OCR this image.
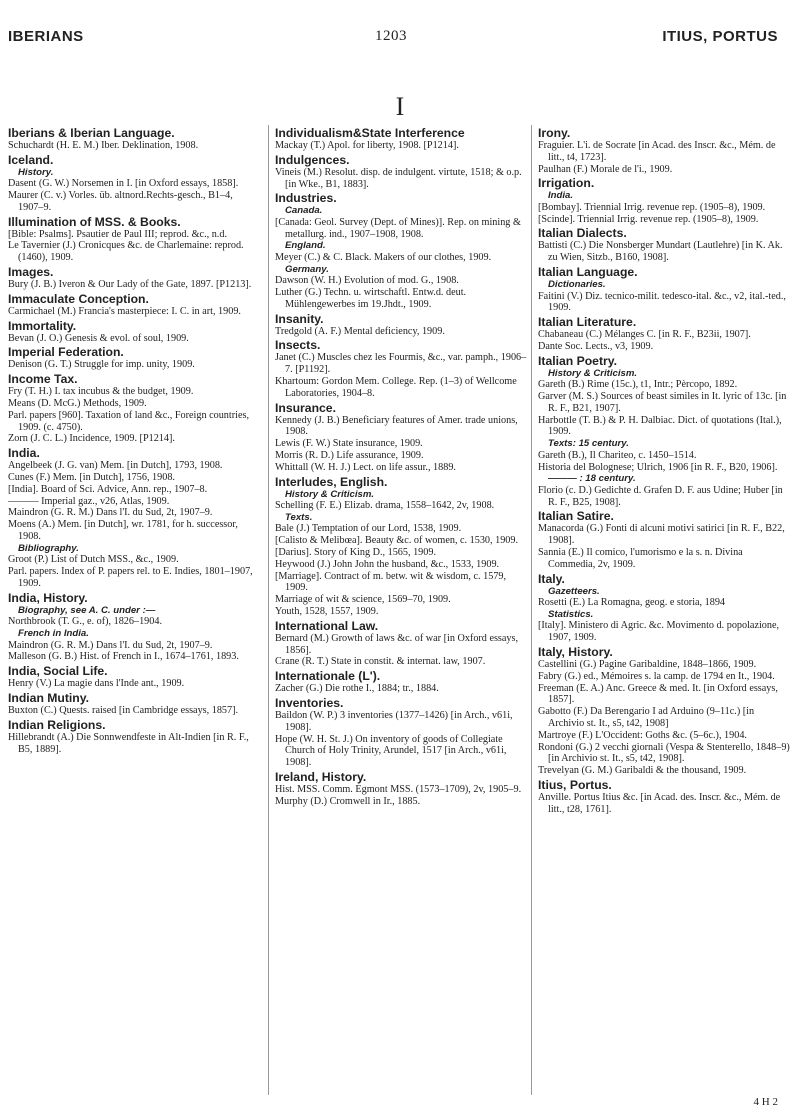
IBERIANS	1203	ITIUS, PORTUS
I

Iberians & Iberian Language.

Schuchardt (H. E. M.) Iber. Deklination, 1908.

Iceland.

History.

Dasent (G. W.) Norsemen in I. [in Oxford essays, 1858].

Maurer (C. v.) Vorles. üb. altnord.Rechts-gesch., B1–4, 1907–9.

Illumination of MSS. & Books.

[Bible: Psalms]. Psautier de Paul III; reprod. &c., n.d.

Le Tavernier (J.) Cronicques &c. de Charlemaine: reprod. (1460), 1909.

Images.

Bury (J. B.) Iveron & Our Lady of the Gate, 1897. [P1213].

Immaculate Conception.

Carmichael (M.) Francia's masterpiece: I. C. in art, 1909.

Immortality.

Bevan (J. O.) Genesis & evol. of soul, 1909.

Imperial Federation.

Denison (G. T.) Struggle for imp. unity, 1909.

Income Tax.

Fry (T. H.) I. tax incubus & the budget, 1909.

Means (D. McG.) Methods, 1909.

Parl. papers [960]. Taxation of land &c., Foreign countries, 1909. (c. 4750).

Zorn (J. C. L.) Incidence, 1909. [P1214].

India.

Angelbeek (J. G. van) Mem. [in Dutch], 1793, 1908.

Cunes (F.) Mem. [in Dutch], 1756, 1908.

[India]. Board of Sci. Advice, Ann. rep., 1907–8.

——— Imperial gaz., v26, Atlas, 1909.

Maindron (G. R. M.) Dans l'I. du Sud, 2t, 1907–9.

Moens (A.) Mem. [in Dutch], wr. 1781, for h. successor, 1908.

Bibliography.

Groot (P.) List of Dutch MSS., &c., 1909.

Parl. papers. Index of P. papers rel. to E. Indies, 1801–1907, 1909.

India, History.

Biography, see A. C. under :—

Northbrook (T. G., e. of), 1826–1904.

French in India.

Maindron (G. R. M.) Dans l'I. du Sud, 2t, 1907–9.

Malleson (G. B.) Hist. of French in I., 1674–1761, 1893.

India, Social Life.

Henry (V.) La magie dans l'Inde ant., 1909.

Indian Mutiny.

Buxton (C.) Quests. raised [in Cambridge essays, 1857].

Indian Religions.

Hillebrandt (A.) Die Sonnwendfeste in Alt-Indien [in R. F., B5, 1889].

Individualism&State Interference

Mackay (T.) Apol. for liberty, 1908. [P1214].

Indulgences.

Vineis (M.) Resolut. disp. de indulgent. virtute, 1518; & o.p. [in Wke., B1, 1883].

Industries.

Canada.

[Canada: Geol. Survey (Dept. of Mines)]. Rep. on mining & metallurg. ind., 1907–1908, 1908.

England.

Meyer (C.) & C. Black. Makers of our clothes, 1909.

Germany.

Dawson (W. H.) Evolution of mod. G., 1908.

Luther (G.) Techn. u. wirtschaftl. Entw.d. deut. Mühlengewerbes im 19.Jhdt., 1909.

Insanity.

Tredgold (A. F.) Mental deficiency, 1909.

Insects.

Janet (C.) Muscles chez les Fourmis, &c., var. pamph., 1906–7. [P1192].

Khartoum: Gordon Mem. College. Rep. (1–3) of Wellcome Laboratories, 1904–8.

Insurance.

Kennedy (J. B.) Beneficiary features of Amer. trade unions, 1908.

Lewis (F. W.) State insurance, 1909.

Morris (R. D.) Life assurance, 1909.

Whittall (W. H. J.) Lect. on life assur., 1889.

Interludes, English.

History & Criticism.

Schelling (F. E.) Elizab. drama, 1558–1642, 2v, 1908.

Texts.

Bale (J.) Temptation of our Lord, 1538, 1909.

[Calisto & Melibœa]. Beauty &c. of women, c. 1530, 1909.

[Darius]. Story of King D., 1565, 1909.

Heywood (J.) John John the husband, &c., 1533, 1909.

[Marriage]. Contract of m. betw. wit & wisdom, c. 1579, 1909.

Marriage of wit & science, 1569–70, 1909.

Youth, 1528, 1557, 1909.

International Law.

Bernard (M.) Growth of laws &c. of war [in Oxford essays, 1856].

Crane (R. T.) State in constit. & internat. law, 1907.

Internationale (L').

Zacher (G.) Die rothe I., 1884; tr., 1884.

Inventories.

Baildon (W. P.) 3 inventories (1377–1426) [in Arch., v61i, 1908].

Hope (W. H. St. J.) On inventory of goods of Collegiate Church of Holy Trinity, Arundel, 1517 [in Arch., v61i, 1908].

Ireland, History.

Hist. MSS. Comm. Egmont MSS. (1573–1709), 2v, 1905–9.

Murphy (D.) Cromwell in Ir., 1885.

Irony.

Fraguier. L'i. de Socrate [in Acad. des Inscr. &c., Mém. de litt., t4, 1723].

Paulhan (F.) Morale de l'i., 1909.

Irrigation.

India.

[Bombay]. Triennial Irrig. revenue rep. (1905–8), 1909.

[Scinde]. Triennial Irrig. revenue rep. (1905–8), 1909.

Italian Dialects.

Battisti (C.) Die Nonsberger Mundart (Lautlehre) [in K. Ak. zu Wien, Sitzb., B160, 1908].

Italian Language.

Dictionaries.

Faitini (V.) Diz. tecnico-milit. tedesco-ital. &c., v2, ital.-ted., 1909.

Italian Literature.

Chabaneau (C.) Mélanges C. [in R. F., B23ii, 1907].

Dante Soc. Lects., v3, 1909.

Italian Poetry.

History & Criticism.

Gareth (B.) Rime (15c.), t1, Intr.; Pèrcopo, 1892.

Garver (M. S.) Sources of beast similes in It. lyric of 13c. [in R. F., B21, 1907].

Harbottle (T. B.) & P. H. Dalbiac. Dict. of quotations (Ital.), 1909.

Texts: 15 century.

Gareth (B.), Il Chariteo, c. 1450–1514.

Historia del Bolognese; Ulrich, 1906 [in R. F., B20, 1906].

——— : 18 century.

Florio (c. D.) Gedichte d. Grafen D. F. aus Udine; Huber [in R. F., B25, 1908].

Italian Satire.

Manacorda (G.) Fonti di alcuni motivi satirici [in R. F., B22, 1908].

Sannia (E.) Il comico, l'umorismo e la s. n. Divina Commedia, 2v, 1909.

Italy.

Gazetteers.

Rosetti (E.) La Romagna, geog. e storia, 1894

Statistics.

[Italy]. Ministero di Agric. &c. Movimento d. popolazione, 1907, 1909.

Italy, History.

Castellini (G.) Pagine Garibaldine, 1848–1866, 1909.

Fabry (G.) ed., Mémoires s. la camp. de 1794 en It., 1904.

Freeman (E. A.) Anc. Greece & med. It. [in Oxford essays, 1857].

Gabotto (F.) Da Berengario I ad Arduino (9–11c.) [in Archivio st. It., s5, t42, 1908]

Martroye (F.) L'Occident: Goths &c. (5–6c.), 1904.

Rondoni (G.) 2 vecchi giornali (Vespa & Stenterello, 1848–9) [in Archivio st. It., s5, t42, 1908].

Trevelyan (G. M.) Garibaldi & the thousand, 1909.

Itius, Portus.

Anville. Portus Itius &c. [in Acad. des. Inscr. &c., Mém. de litt., t28, 1761].

4 H 2
